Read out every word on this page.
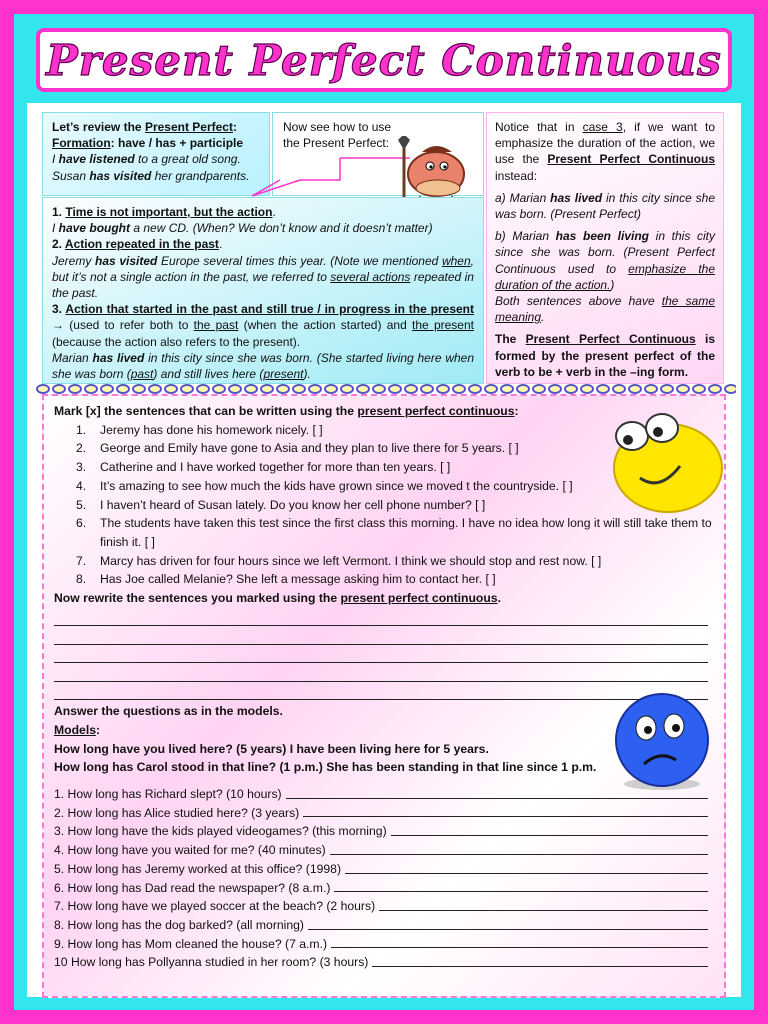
Present Perfect Continuous

Let’s review the Present Perfect:

Formation: have / has + participle

I have listened to a great old song.

Susan has visited her grandparents.

Now see how to use the Present Perfect:

1. Time is not important, but the action.

I have bought a new CD. (When? We don’t know and it doesn’t matter)

2. Action repeated in the past.

Jeremy has visited Europe several times this year. (Note we mentioned when, but it’s not a single action in the past, we referred to several actions repeated in the past.

3. Action that started in the past and still true / in progress in the present → (used to refer both to the past (when the action started) and the present (because the action also refers to the present).

Marian has lived in this city since she was born. (She started living here when she was born (past) and still lives here (present).

Notice that in case 3, if we want to emphasize the duration of the action, we use the Present Perfect Continuous instead:

a) Marian has lived in this city since she was born. (Present Perfect)

b) Marian has been living in this city since she was born. (Present Perfect Continuous used to emphasize the duration of the action.)

Both sentences above have the same meaning.

The Present Perfect Continuous is formed by the present perfect of the verb to be + verb in the –ing form.

Mark [x] the sentences that can be written using the present perfect continuous:

1. Jeremy has done his homework nicely. [ ]
2. George and Emily have gone to Asia and they plan to live there for 5 years. [ ]
3. Catherine and I have worked together for more than ten years. [ ]
4. It’s amazing to see how much the kids have grown since we moved t the countryside. [ ]
5. I haven’t heard of Susan lately. Do you know her cell phone number? [ ]
6. The students have taken this test since the first class this morning. I have no idea how long it will still take them to finish it. [ ]
7. Marcy has driven for four hours since we left Vermont. I think we should stop and rest now. [ ]
8. Has Joe called Melanie? She left a message asking him to contact her. [ ]

Now rewrite the sentences you marked using the present perfect continuous.

Answer the questions as in the models.

Models:

How long have you lived here? (5 years) I have been living here for 5 years.

How long has Carol stood in that line? (1 p.m.) She has been standing in that line since 1 p.m.

1. How long has Richard slept? (10 hours)
2. How long has Alice studied here? (3 years)
3. How long have the kids played videogames? (this morning)
4. How long have you waited for me? (40 minutes)
5. How long has Jeremy worked at this office? (1998)
6. How long has Dad read the newspaper? (8 a.m.)
7. How long have we played soccer at the beach? (2 hours)
8. How long has the dog barked? (all morning)
9. How long has Mom cleaned the house? (7 a.m.)
10 How long has Pollyanna studied in her room? (3 hours)
